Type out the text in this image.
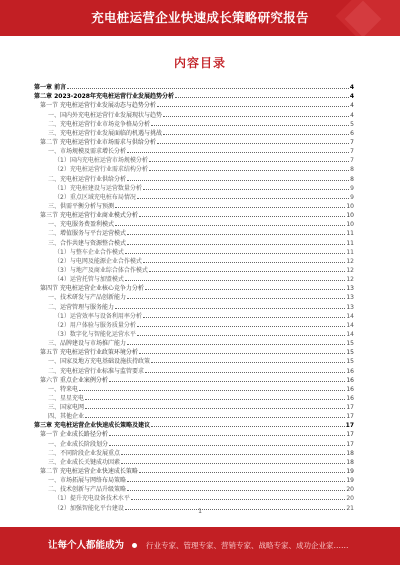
充电桩运营企业快速成长策略研究报告
内容目录
第一章 前言	4
第二章 2023-2028年充电桩运营行业发展趋势分析	4
第一节 充电桩运营行业发展动态与趋势分析	4
一、国内外充电桩运营行业发展现状与趋势	4
二、充电桩运营行业市场竞争格局分析	5
三、充电桩运营行业发展面临的机遇与挑战	6
第二节 充电桩运营行业市场需求与供给分析	7
一、市场规模及需求增长分析	7
（1）国内充电桩运营市场规模分析	7
（2）充电桩运营行业需求结构分析	8
二、充电桩运营行业供给分析	8
（1）充电桩建设与运营数量分析	9
（2）重点区域充电桩布局情况	9
三、供需平衡分析与预测	10
第三节 充电桩运营行业商业模式分析	10
一、充电服务费盈利模式	10
二、增值服务与平台运营模式	11
三、合作共建与资源整合模式	11
（1）与整车企业合作模式	11
（2）与电网及能源企业合作模式	12
（3）与地产及商业综合体合作模式	12
（4）运营托管与加盟模式	12
第四节 充电桩运营企业核心竞争力分析	13
一、技术研发与产品创新能力	13
二、运营管理与服务能力	13
（1）运营效率与设备利用率分析	14
（2）用户体验与服务质量分析	14
（3）数字化与智能化运营水平	14
三、品牌建设与市场推广能力	15
第五节 充电桩运营行业政策环境分析	15
一、国家及地方充电基础设施扶持政策	15
二、充电桩运营行业标准与监管要求	16
第六节 重点企业案例分析	16
一、特来电	16
二、星星充电	16
三、国家电网	17
四、其他企业	17
第三章 充电桩运营企业快速成长策略及建议	17
第一节 企业成长路径分析	17
一、企业成长阶段划分	17
二、不同阶段企业发展重点	18
三、企业成长关键成功因素	18
第二节 充电桩运营企业快速成长策略	19
一、市场拓展与网络布局策略	19
二、技术创新与产品升级策略	20
（1）提升充电设备技术水平	20
（2）加强智能化平台建设	21
1
让每个人都能成为	行业专家、管理专家、营销专家、战略专家、成功企业家……
